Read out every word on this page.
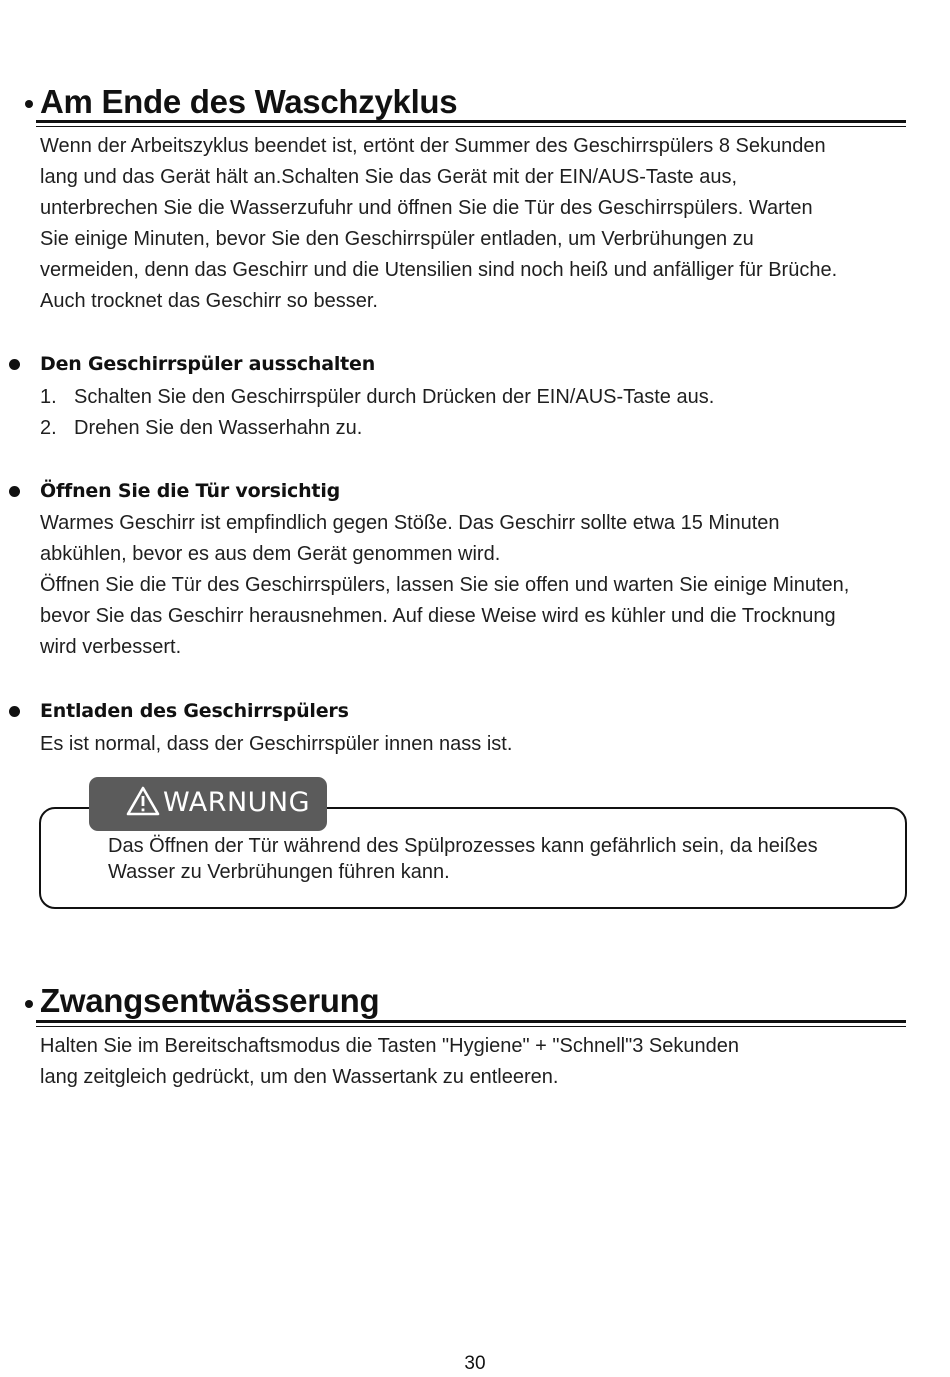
Am Ende des Waschzyklus
Wenn der Arbeitszyklus beendet ist, ertönt der Summer des Geschirrspülers 8 Sekunden
lang und das Gerät hält an.Schalten Sie das Gerät mit der EIN/AUS-Taste aus,
unterbrechen Sie die Wasserzufuhr und öffnen Sie die Tür des Geschirrspülers. Warten
Sie einige Minuten, bevor Sie den Geschirrspüler entladen, um Verbrühungen zu
vermeiden, denn das Geschirr und die Utensilien sind noch heiß und anfälliger für Brüche.
Auch trocknet das Geschirr so besser.
Den Geschirrspüler ausschalten
1. Schalten Sie den Geschirrspüler durch Drücken der EIN/AUS-Taste aus.
2. Drehen Sie den Wasserhahn zu.
Öffnen Sie die Tür vorsichtig
Warmes Geschirr ist empfindlich gegen Stöße. Das Geschirr sollte etwa 15 Minuten
abkühlen, bevor es aus dem Gerät genommen wird.
Öffnen Sie die Tür des Geschirrspülers, lassen Sie sie offen und warten Sie einige Minuten,
bevor Sie das Geschirr herausnehmen. Auf diese Weise wird es kühler und die Trocknung
wird verbessert.
Entladen des Geschirrspülers
Es ist normal, dass der Geschirrspüler innen nass ist.
WARNUNG
Das Öffnen der Tür während des Spülprozesses kann gefährlich sein, da heißes
Wasser zu Verbrühungen führen kann.
Zwangsentwässerung
Halten Sie im Bereitschaftsmodus die Tasten "Hygiene" + "Schnell"3 Sekunden
lang zeitgleich gedrückt, um den Wassertank zu entleeren.
30
